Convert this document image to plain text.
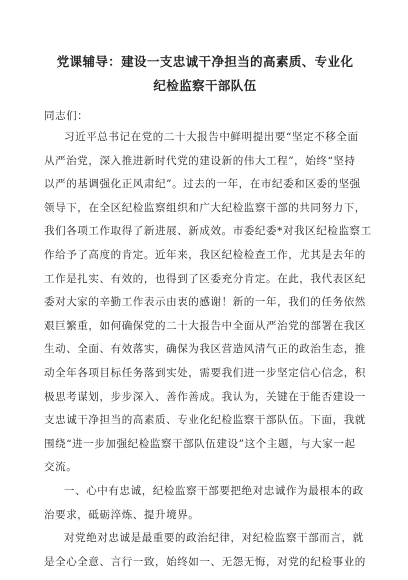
党课辅导：建设一支忠诚干净担当的高素质、专业化
纪检监察干部队伍
同志们：

习近平总书记在党的二十大报告中鲜明提出要“坚定不移全面
从严治党，深入推进新时代党的建设新的伟大工程”，始终“坚持
以严的基调强化正风肃纪”。过去的一年，在市纪委和区委的坚强
领导下，在全区纪检监察组织和广大纪检监察干部的共同努力下，
我们各项工作取得了新进展、新成效。市委纪委*对我区纪检监察工
作给予了高度的肯定。近年来，我区纪检检查工作，尤其是去年的
工作是扎实、有效的，也得到了区委充分肯定。在此，我代表区纪
委对大家的辛勤工作表示由衷的感谢！新的一年，我们的任务依然
艰巨繁重，如何确保党的二十大报告中全面从严治党的部署在我区
生动、全面、有效落实，确保为我区营造风清气正的政治生态，推
动全年各项目标任务落到实处，需要我们进一步坚定信心信念，积
极思考谋划，步步深入、善作善成。我认为，关键在于能否建设一
支忠诚干净担当的高素质、专业化纪检监察干部队伍。下面，我就
围绕“进一步加强纪检监察干部队伍建设”这个主题，与大家一起
交流。

一、心中有忠诚，纪检监察干部要把绝对忠诚作为最根本的政
治要求，砥砺淬炼、提升境界。

对党绝对忠诚是最重要的政治纪律，对纪检监察干部而言，就
是全心全意、言行一致，始终如一、无怨无悔，对党的纪检事业的
